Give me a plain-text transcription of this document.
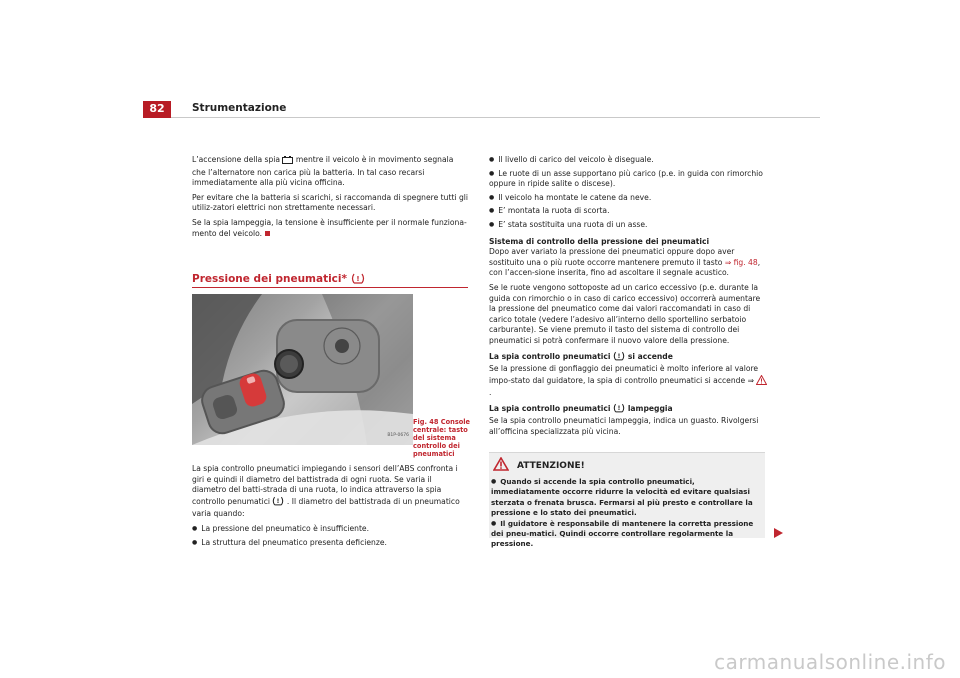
82	Strumentazione

L’accensione della spia mentre il veicolo è in movimento segnala che l’alternatore non carica più la batteria. In tal caso recarsi immediatamente alla più vicina officina.

Per evitare che la batteria si scarichi, si raccomanda di spegnere tutti gli utiliz-zatori elettrici non strettamente necessari.

Se la spia lampeggia, la tensione è insufficiente per il normale funziona-mento del veicolo.

Pressione dei pneumatici* !
B1P-0676
Fig. 48 Console centrale: tasto del sistema controllo dei pneumatici

La spia controllo pneumatici impiegando i sensori dell’ABS confronta i giri e quindi il diametro del battistrada di ogni ruota. Se varia il diametro del batti-strada di una ruota, lo indica attraverso la spia controllo penumatici ! . Il diametro del battistrada di un pneumatico varia quando:

● La pressione del pneumatico è insufficiente.
● La struttura del pneumatico presenta deficienze.
● Il livello di carico del veicolo è diseguale.
● Le ruote di un asse supportano più carico (p.e. in guida con rimorchio oppure in ripide salite o discese).
● Il veicolo ha montate le catene da neve.
● E’ montata la ruota di scorta.
● E’ stata sostituita una ruota di un asse.
Sistema di controllo della pressione dei pneumatici

Dopo aver variato la pressione dei pneumatici oppure dopo aver sostituito una o più ruote occorre mantenere premuto il tasto ⇒ fig. 48, con l’accen-sione inserita, fino ad ascoltare il segnale acustico.

Se le ruote vengono sottoposte ad un carico eccessivo (p.e. durante la guida con rimorchio o in caso di carico eccessivo) occorrerà aumentare la pressione del pneumatico come dai valori raccomandati in caso di carico totale (vedere l’adesivo all’interno dello sportellino serbatoio carburante). Se viene premuto il tasto del sistema di controllo dei pneumatici si potrà confermare il nuovo valore della pressione.

La spia controllo pneumatici ! si accende

Se la pressione di gonfiaggio dei pneumatici è molto inferiore al valore impo-stato dal guidatore, la spia di controllo pneumatici si accende ⇒ .

La spia controllo pneumatici ! lampeggia

Se la spia controllo pneumatici lampeggia, indica un guasto. Rivolgersi all’officina specializzata più vicina.

ATTENZIONE!
● Quando si accende la spia controllo pneumatici, immediatamente occorre ridurre la velocità ed evitare qualsiasi sterzata o frenata brusca. Fermarsi al più presto e controllare la pressione e lo stato dei pneumatici.
● Il guidatore è responsabile di mantenere la corretta pressione dei pneu-matici. Quindi occorre controllare regolarmente la pressione.
carmanualsonline.info
